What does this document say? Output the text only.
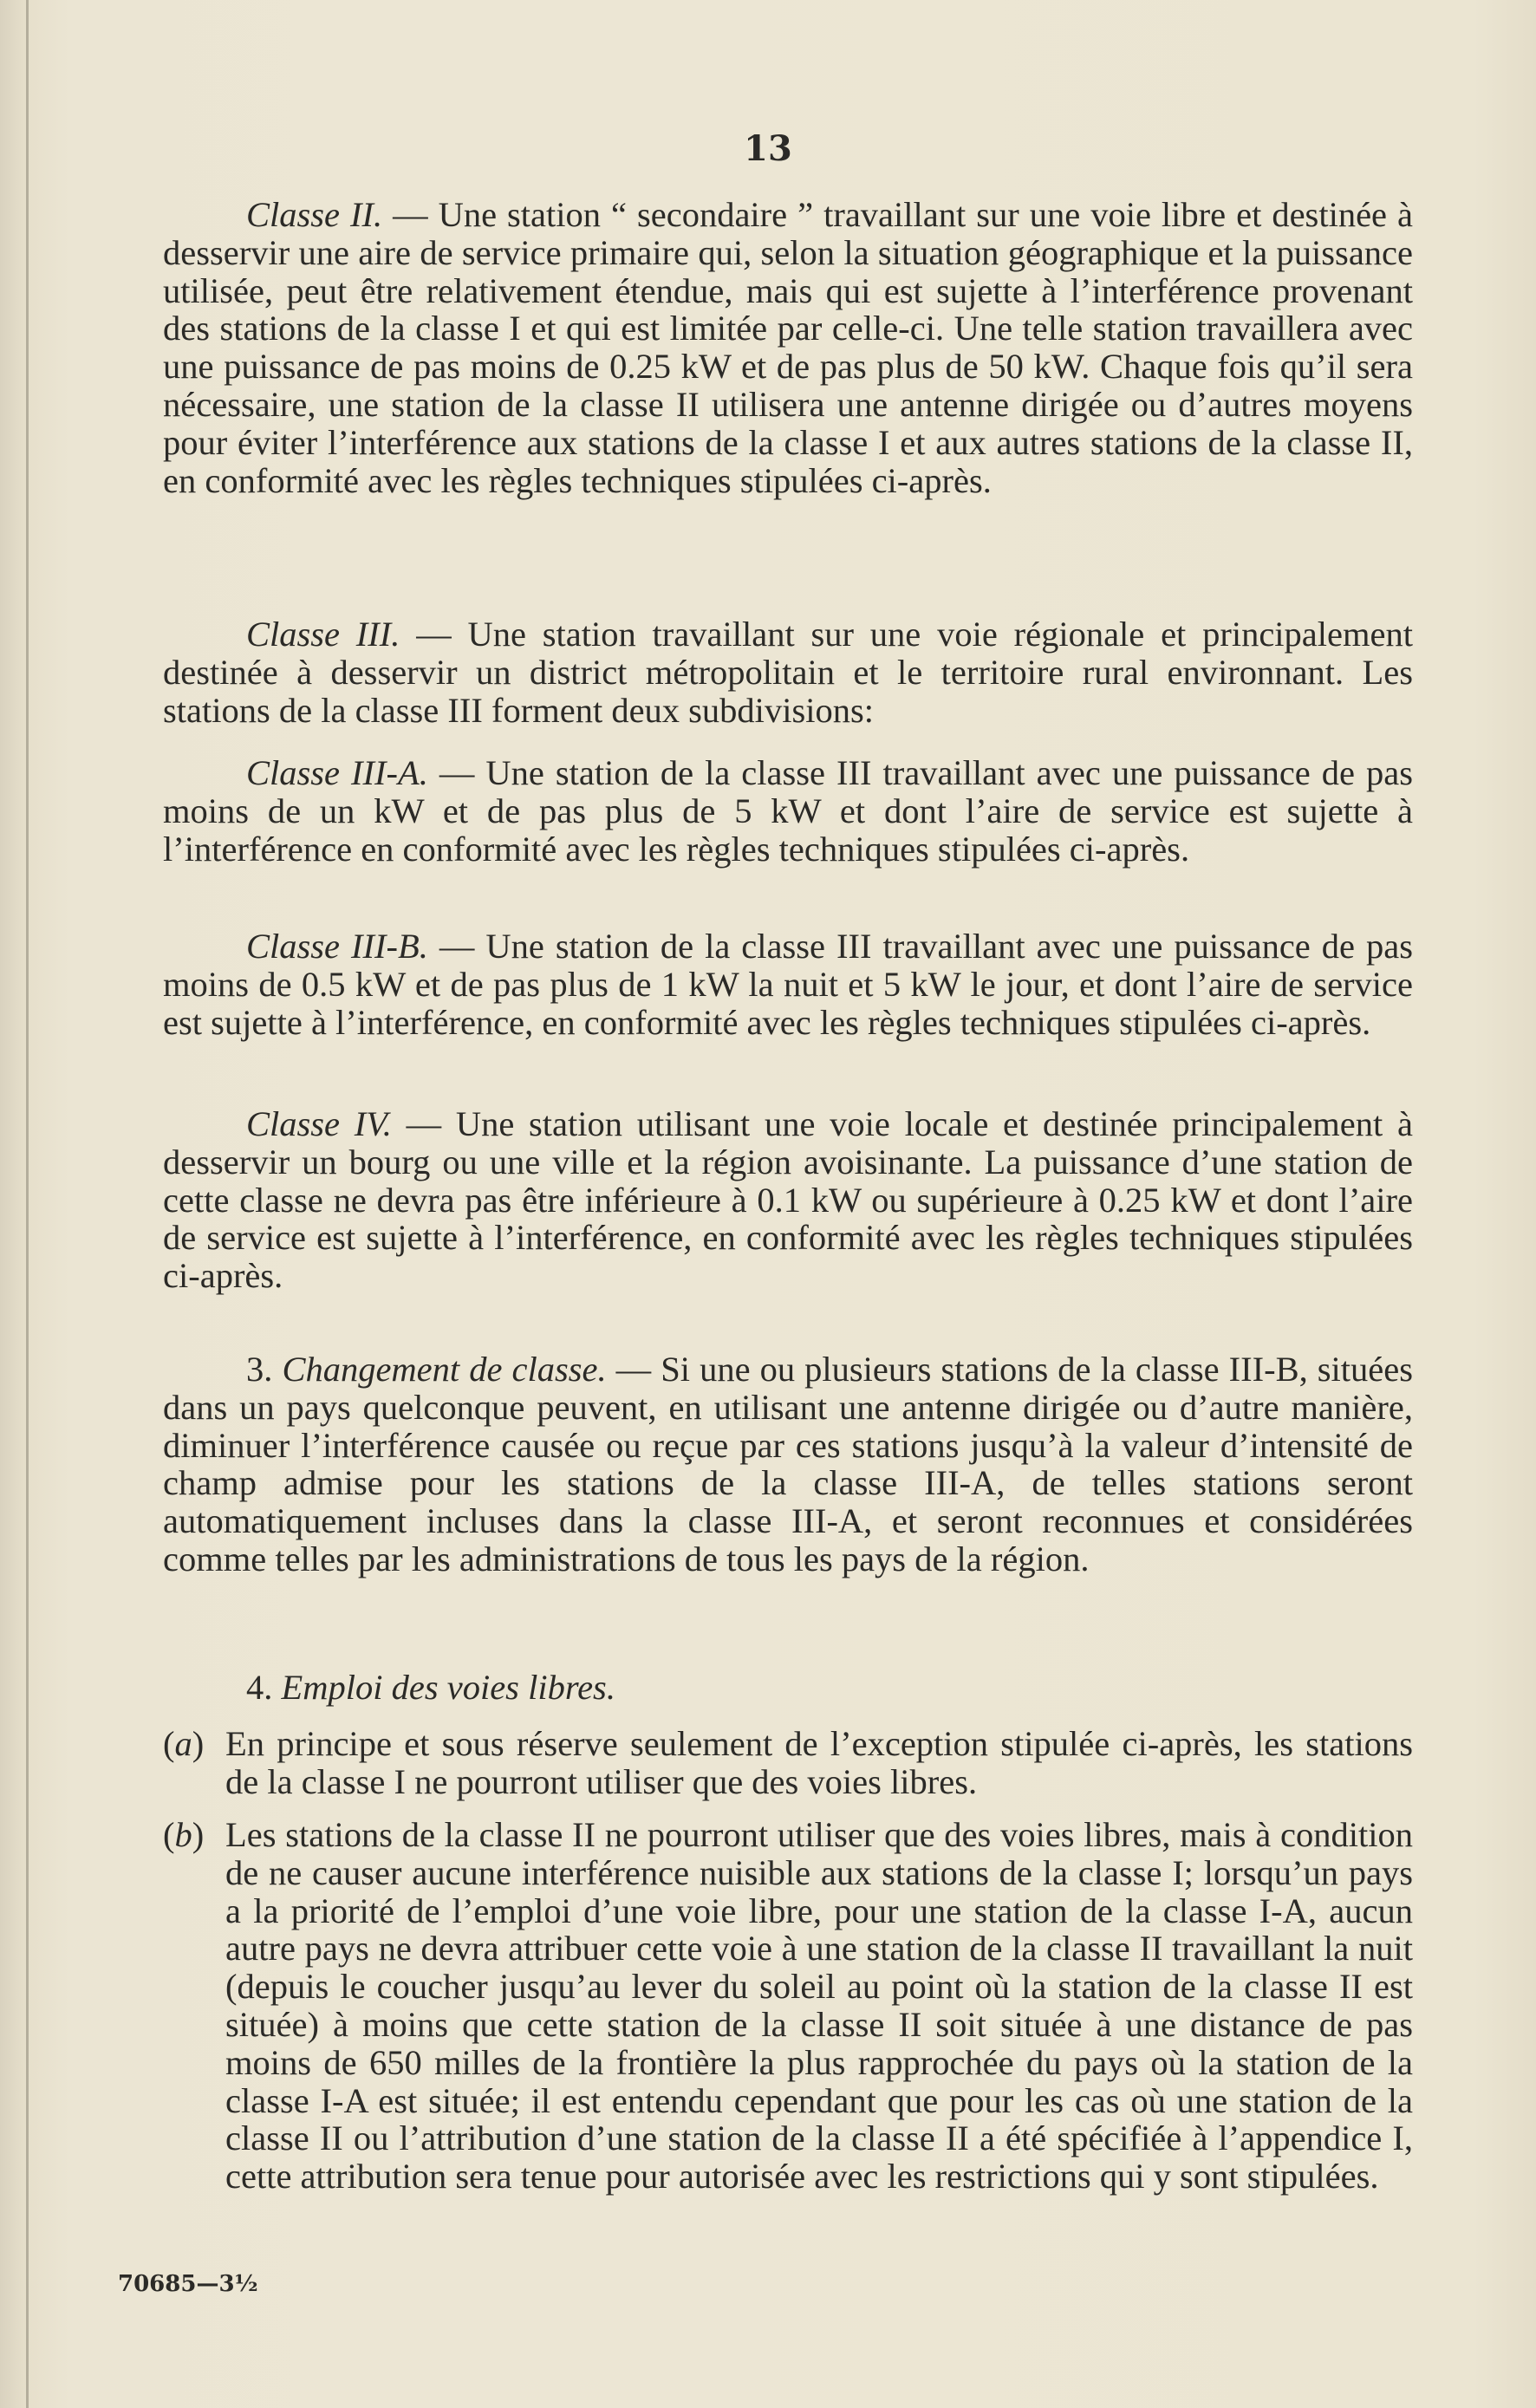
13

Classe II. — Une station “ secondaire ” travaillant sur une voie libre et destinée à desservir une aire de service primaire qui, selon la situation géographique et la puissance utilisée, peut être relativement étendue, mais qui est sujette à l’interférence provenant des stations de la classe I et qui est limitée par celle-ci. Une telle station travaillera avec une puissance de pas moins de 0.25 kW et de pas plus de 50 kW. Chaque fois qu’il sera nécessaire, une station de la classe II utilisera une antenne dirigée ou d’autres moyens pour éviter l’interférence aux stations de la classe I et aux autres stations de la classe II, en conformité avec les règles techniques stipulées ci-après.

Classe III. — Une station travaillant sur une voie régionale et principalement destinée à desservir un district métropolitain et le territoire rural environnant. Les stations de la classe III forment deux subdivisions:

Classe III-A. — Une station de la classe III travaillant avec une puissance de pas moins de un kW et de pas plus de 5 kW et dont l’aire de service est sujette à l’interférence en conformité avec les règles techniques stipulées ci-après.

Classe III-B. — Une station de la classe III travaillant avec une puissance de pas moins de 0.5 kW et de pas plus de 1 kW la nuit et 5 kW le jour, et dont l’aire de service est sujette à l’interférence, en conformité avec les règles techniques stipulées ci-après.

Classe IV. — Une station utilisant une voie locale et destinée principalement à desservir un bourg ou une ville et la région avoisinante. La puissance d’une station de cette classe ne devra pas être inférieure à 0.1 kW ou supérieure à 0.25 kW et dont l’aire de service est sujette à l’interférence, en conformité avec les règles techniques stipulées ci-après.

3. Changement de classe. — Si une ou plusieurs stations de la classe III-B, situées dans un pays quelconque peuvent, en utilisant une antenne dirigée ou d’autre manière, diminuer l’interférence causée ou reçue par ces stations jusqu’à la valeur d’intensité de champ admise pour les stations de la classe III-A, de telles stations seront automatiquement incluses dans la classe III-A, et seront reconnues et considérées comme telles par les administrations de tous les pays de la région.

4. Emploi des voies libres.

(a) En principe et sous réserve seulement de l’exception stipulée ci-après, les stations de la classe I ne pourront utiliser que des voies libres.
(b) Les stations de la classe II ne pourront utiliser que des voies libres, mais à condition de ne causer aucune interférence nuisible aux stations de la classe I; lorsqu’un pays a la priorité de l’emploi d’une voie libre, pour une station de la classe I-A, aucun autre pays ne devra attribuer cette voie à une station de la classe II travaillant la nuit (depuis le coucher jusqu’au lever du soleil au point où la station de la classe II est située) à moins que cette station de la classe II soit située à une distance de pas moins de 650 milles de la frontière la plus rapprochée du pays où la station de la classe I-A est située; il est entendu cependant que pour les cas où une station de la classe II ou l’attribution d’une station de la classe II a été spécifiée à l’appendice I, cette attribution sera tenue pour autorisée avec les restrictions qui y sont stipulées.
70685—3½
